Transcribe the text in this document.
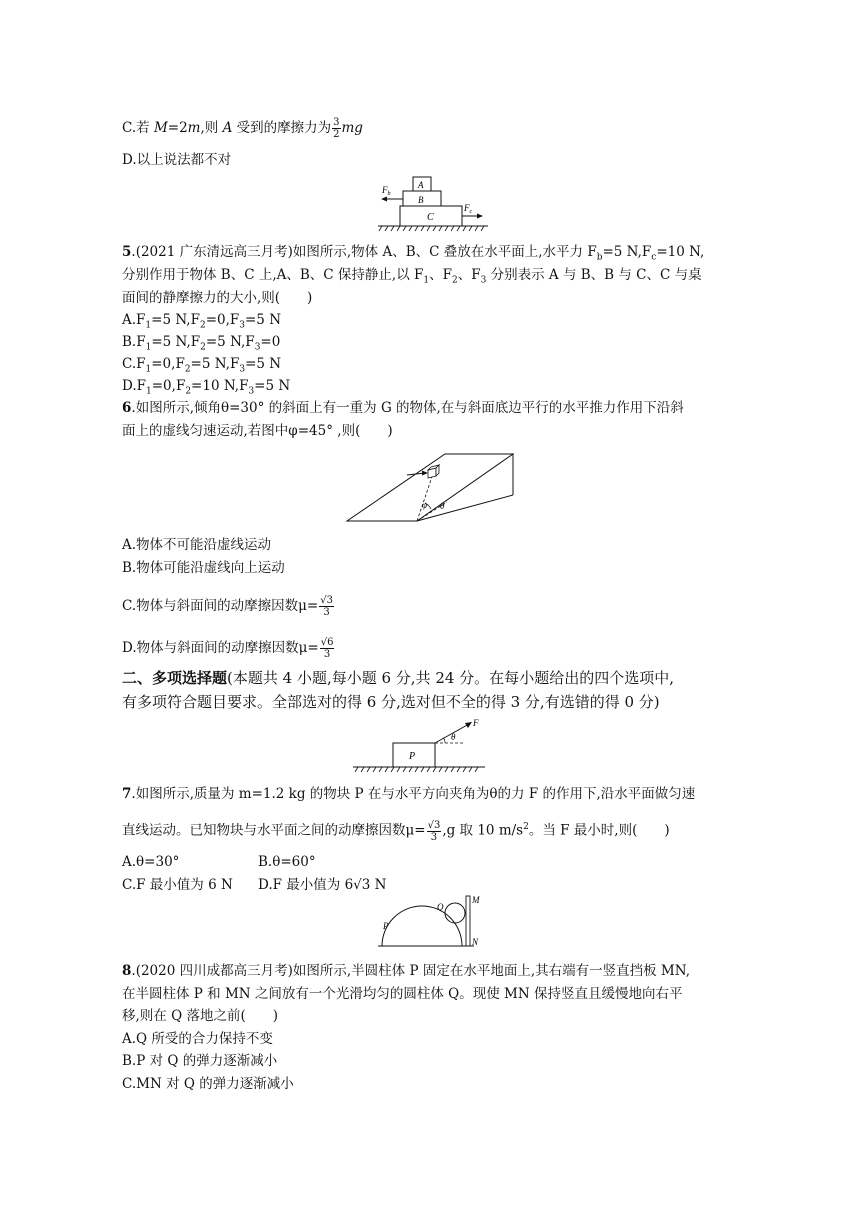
C.若 M=2m,则 A 受到的摩擦力为 $\frac{3}{2}$ mg
D.以上说法都不对
A
B
C
$F_b$
$F_c$
5.(2021 广东清远高三月考)如图所示,物体 A、B、C 叠放在水平面上,水平力 $F_b=5$ $N,F_c=10$ N,
分别作用于物体 B、C 上,A、B、C 保持静止,以 $F_1$、$F_2$、$F_3$ 分别表示 A 与 B、B 与 C、C 与桌
面间的静摩擦力的大小,则(　　)
$A.F_1=5$ $N,F_2=0,F_3=5$ N
$B.F_1=5$ $N,F_2=5$ $N,F_3=0$
$C.F_1=0,F_2=5$ $N,F_3=5$ N
$D.F_1=0,F_2=10$ $N,F_3=5$ N
6.如图所示,倾角θ=30° 的斜面上有一重为 G 的物体,在与斜面底边平行的水平推力作用下沿斜
面上的虚线匀速运动,若图中φ=45° ,则(　　)
φ θ
A.物体不可能沿虚线运动
B.物体可能沿虚线向上运动
C.物体与斜面间的动摩擦因数$\mu= \frac{√3}{3}$
D.物体与斜面间的动摩擦因数$\mu= \frac{√6}{3}$
二、多项选择题(本题共 4 小题,每小题 6 分,共 24 分。在每小题给出的四个选项中,
有多项符合题目要求。全部选对的得 6 分,选对但不全的得 3 分,有选错的得 0 分)
P
F
θ
7.如图所示,质量为 m=1.2 kg 的物块 P 在与水平方向夹角为θ的力 F 的作用下,沿水平面做匀速
直线运动。已知物块与水平面之间的动摩擦因数$\mu= \frac{√3}{3} ,g$ 取 10 $m/s^2$。当 F 最小时,则(　　)
A.θ=30°	B.θ=60°
C.F 最小值为 6 N D.F 最小值为 6√3 N
M
N
Q
P
8.(2020 四川成都高三月考)如图所示,半圆柱体 P 固定在水平地面上,其右端有一竖直挡板 MN,
在半圆柱体 P 和 MN 之间放有一个光滑均匀的圆柱体 Q。现使 MN 保持竖直且缓慢地向右平
移,则在 Q 落地之前(　　)
A.Q 所受的合力保持不变
B.P 对 Q 的弹力逐渐减小
C.MN 对 Q 的弹力逐渐减小
